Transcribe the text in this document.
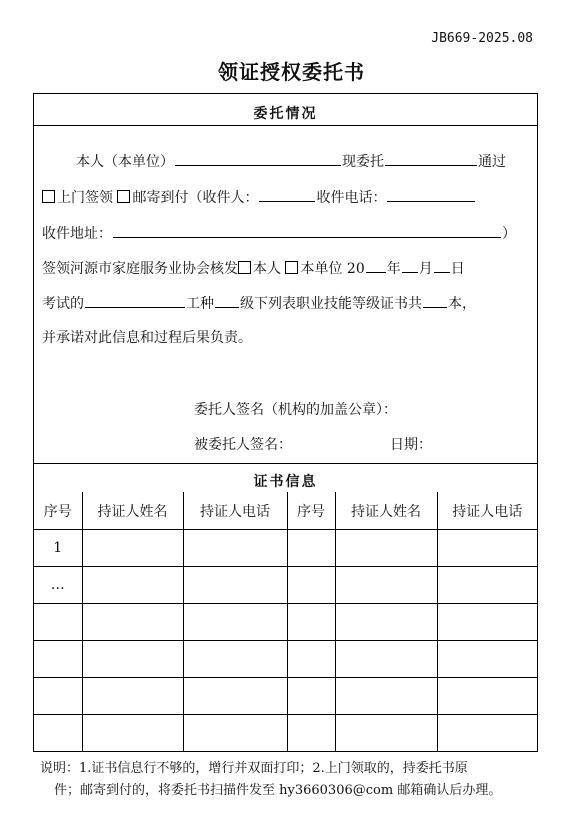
JB669-2025.08
领证授权委托书
委托情况
本人（本单位）	现委托	通过
上门签领 邮寄到付（收件人：	收件电话：
收件地址：	）
签领河源市家庭服务业协会核发 本人 本单位 20 年 月 日
考试的	工种 级下列表职业技能等级证书共 本，
并承诺对此信息和过程后果负责。
委托人签名（机构的加盖公章）：
被委托人签名：	日期：
证书信息
序号	持证人姓名	持证人电话	序号	持证人姓名	持证人电话
1					
…					

说明：1.证书信息行不够的，增行并双面打印；2.上门领取的，持委托书原
件；邮寄到付的，将委托书扫描件发至 hy3660306@com 邮箱确认后办理。
